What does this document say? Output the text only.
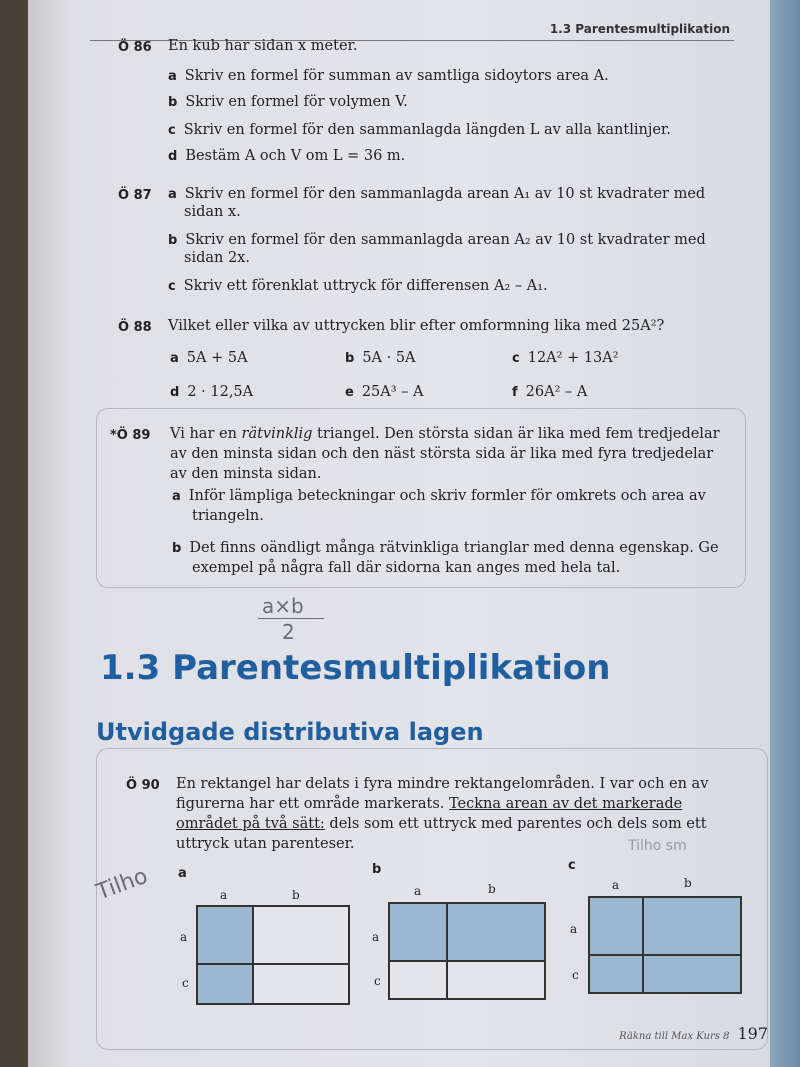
1.3 Parentesmultiplikation
Ö 86 En kub har sidan x meter.
a Skriv en formel för summan av samtliga sidoytors area A.
b Skriv en formel för volymen V.
c Skriv en formel för den sammanlagda längden L av alla kantlinjer.
d Bestäm A och V om L = 36 m.
Ö 87 a Skriv en formel för den sammanlagda arean A₁ av 10 st kvadrater med
sidan x.
b Skriv en formel för den sammanlagda arean A₂ av 10 st kvadrater med
sidan 2x.
c Skriv ett förenklat uttryck för differensen A₂ – A₁.
Ö 88 Vilket eller vilka av uttrycken blir efter omformning lika med 25A²?
a 5A + 5A	b 5A · 5A	c 12A² + 13A²
d 2 · 12,5A	e 25A³ – A	f 26A² – A
*Ö 89 Vi har en rätvinklig triangel. Den största sidan är lika med fem tredjedelar
av den minsta sidan och den näst största sida är lika med fyra tredjedelar
av den minsta sidan.
a Inför lämpliga beteckningar och skriv formler för omkrets och area av
triangeln.
b Det finns oändligt många rätvinkliga trianglar med denna egenskap. Ge
exempel på några fall där sidorna kan anges med hela tal.
a×b
2
1.3 Parentesmultiplikation
Utvidgade distributiva lagen
Ö 90 En rektangel har delats i fyra mindre rektangelområden. I var och en av
figurerna har ett område markerats. Teckna arean av det markerade
området på två sätt: dels som ett uttryck med parentes och dels som ett
uttryck utan parenteser.
Tilho
Tilho sm
a
a	b
a
c
b
a	b
a
c
c
a	b
a
c
Räkna till Max Kurs 8 197
